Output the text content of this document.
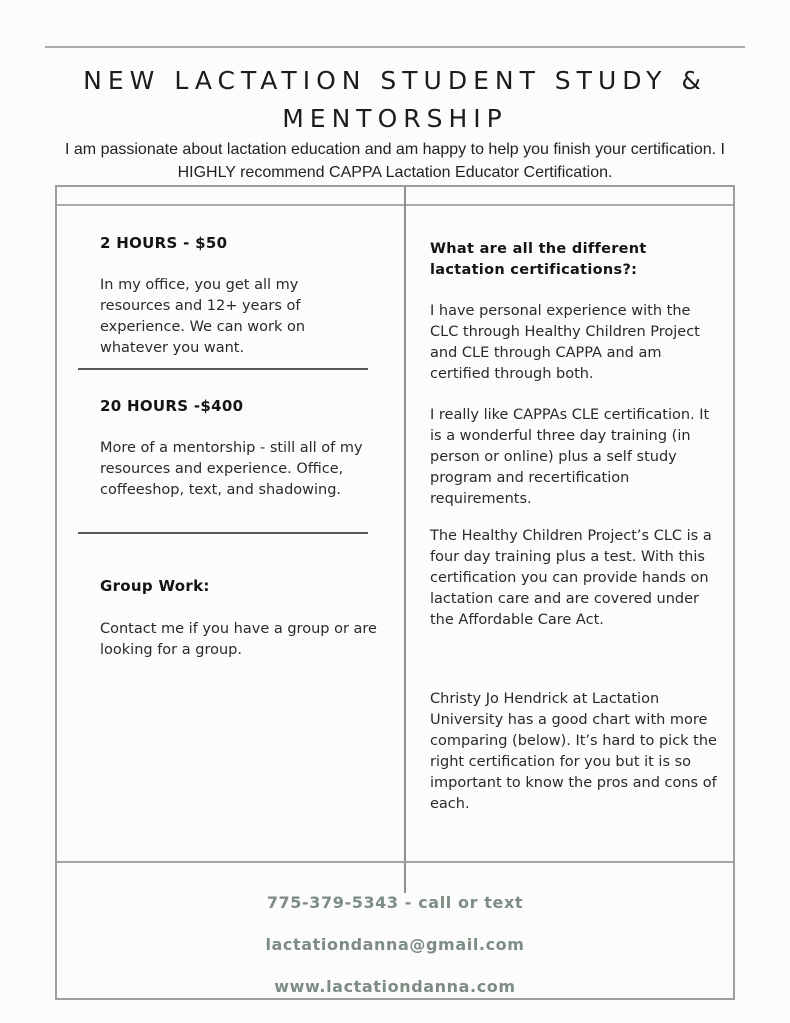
NEW LACTATION STUDENT STUDY & MENTORSHIP
I am passionate about lactation education and am happy to help you finish your certification. I HIGHLY recommend CAPPA Lactation Educator Certification.
2 HOURS - $50
In my office, you get all my resources and 12+ years of experience. We can work on whatever you want.
20 HOURS -$400
More of a mentorship - still all of my resources and experience. Office, coffeeshop, text, and shadowing.
Group Work:
Contact me if you have a group or are looking for a group.
What are all the different lactation certifications?:
I have personal experience with the CLC through Healthy Children Project and CLE through CAPPA and am certified through both.
I really like CAPPAs CLE certification. It is a wonderful three day training (in person or online) plus a self study program and recertification requirements.
The Healthy Children Project’s CLC is a four day training plus a test. With this certification you can provide hands on lactation care and are covered under the Affordable Care Act.
Christy Jo Hendrick at Lactation University has a good chart with more comparing (below). It’s hard to pick the right certification for you but it is so important to know the pros and cons of each.
775-379-5343 - call or text
lactationdanna@gmail.com
www.lactationdanna.com
